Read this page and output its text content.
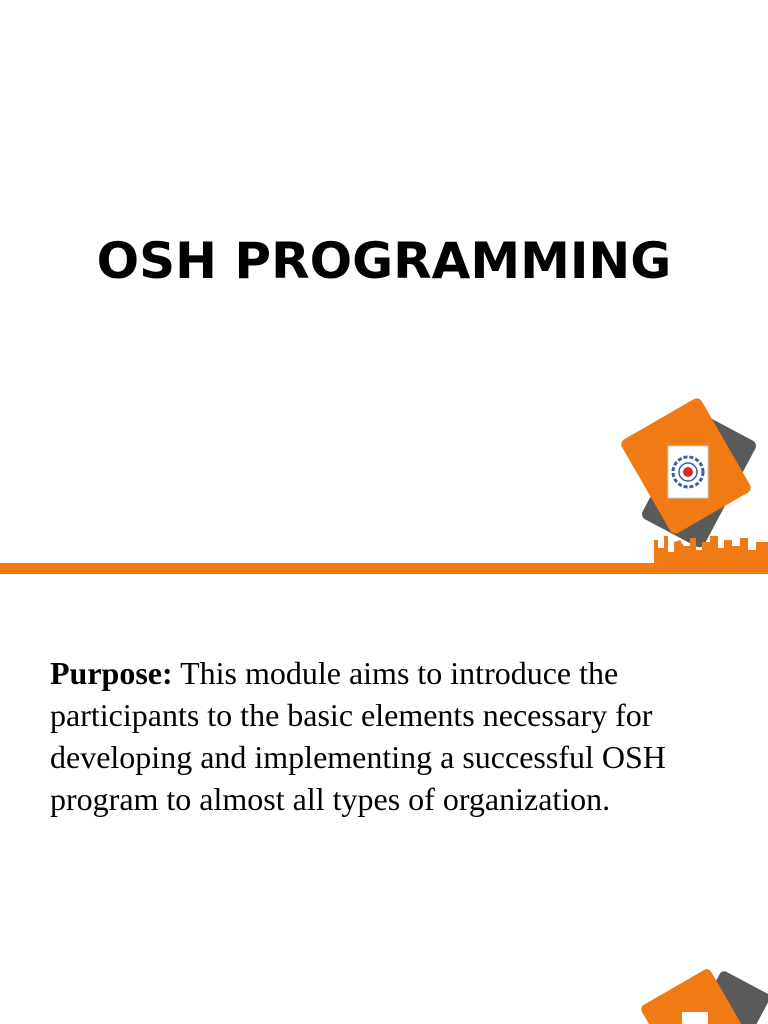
OSH PROGRAMMING

Purpose: This module aims to introduce the participants to the basic elements necessary for developing and implementing a successful OSH program to almost all types of organization.
